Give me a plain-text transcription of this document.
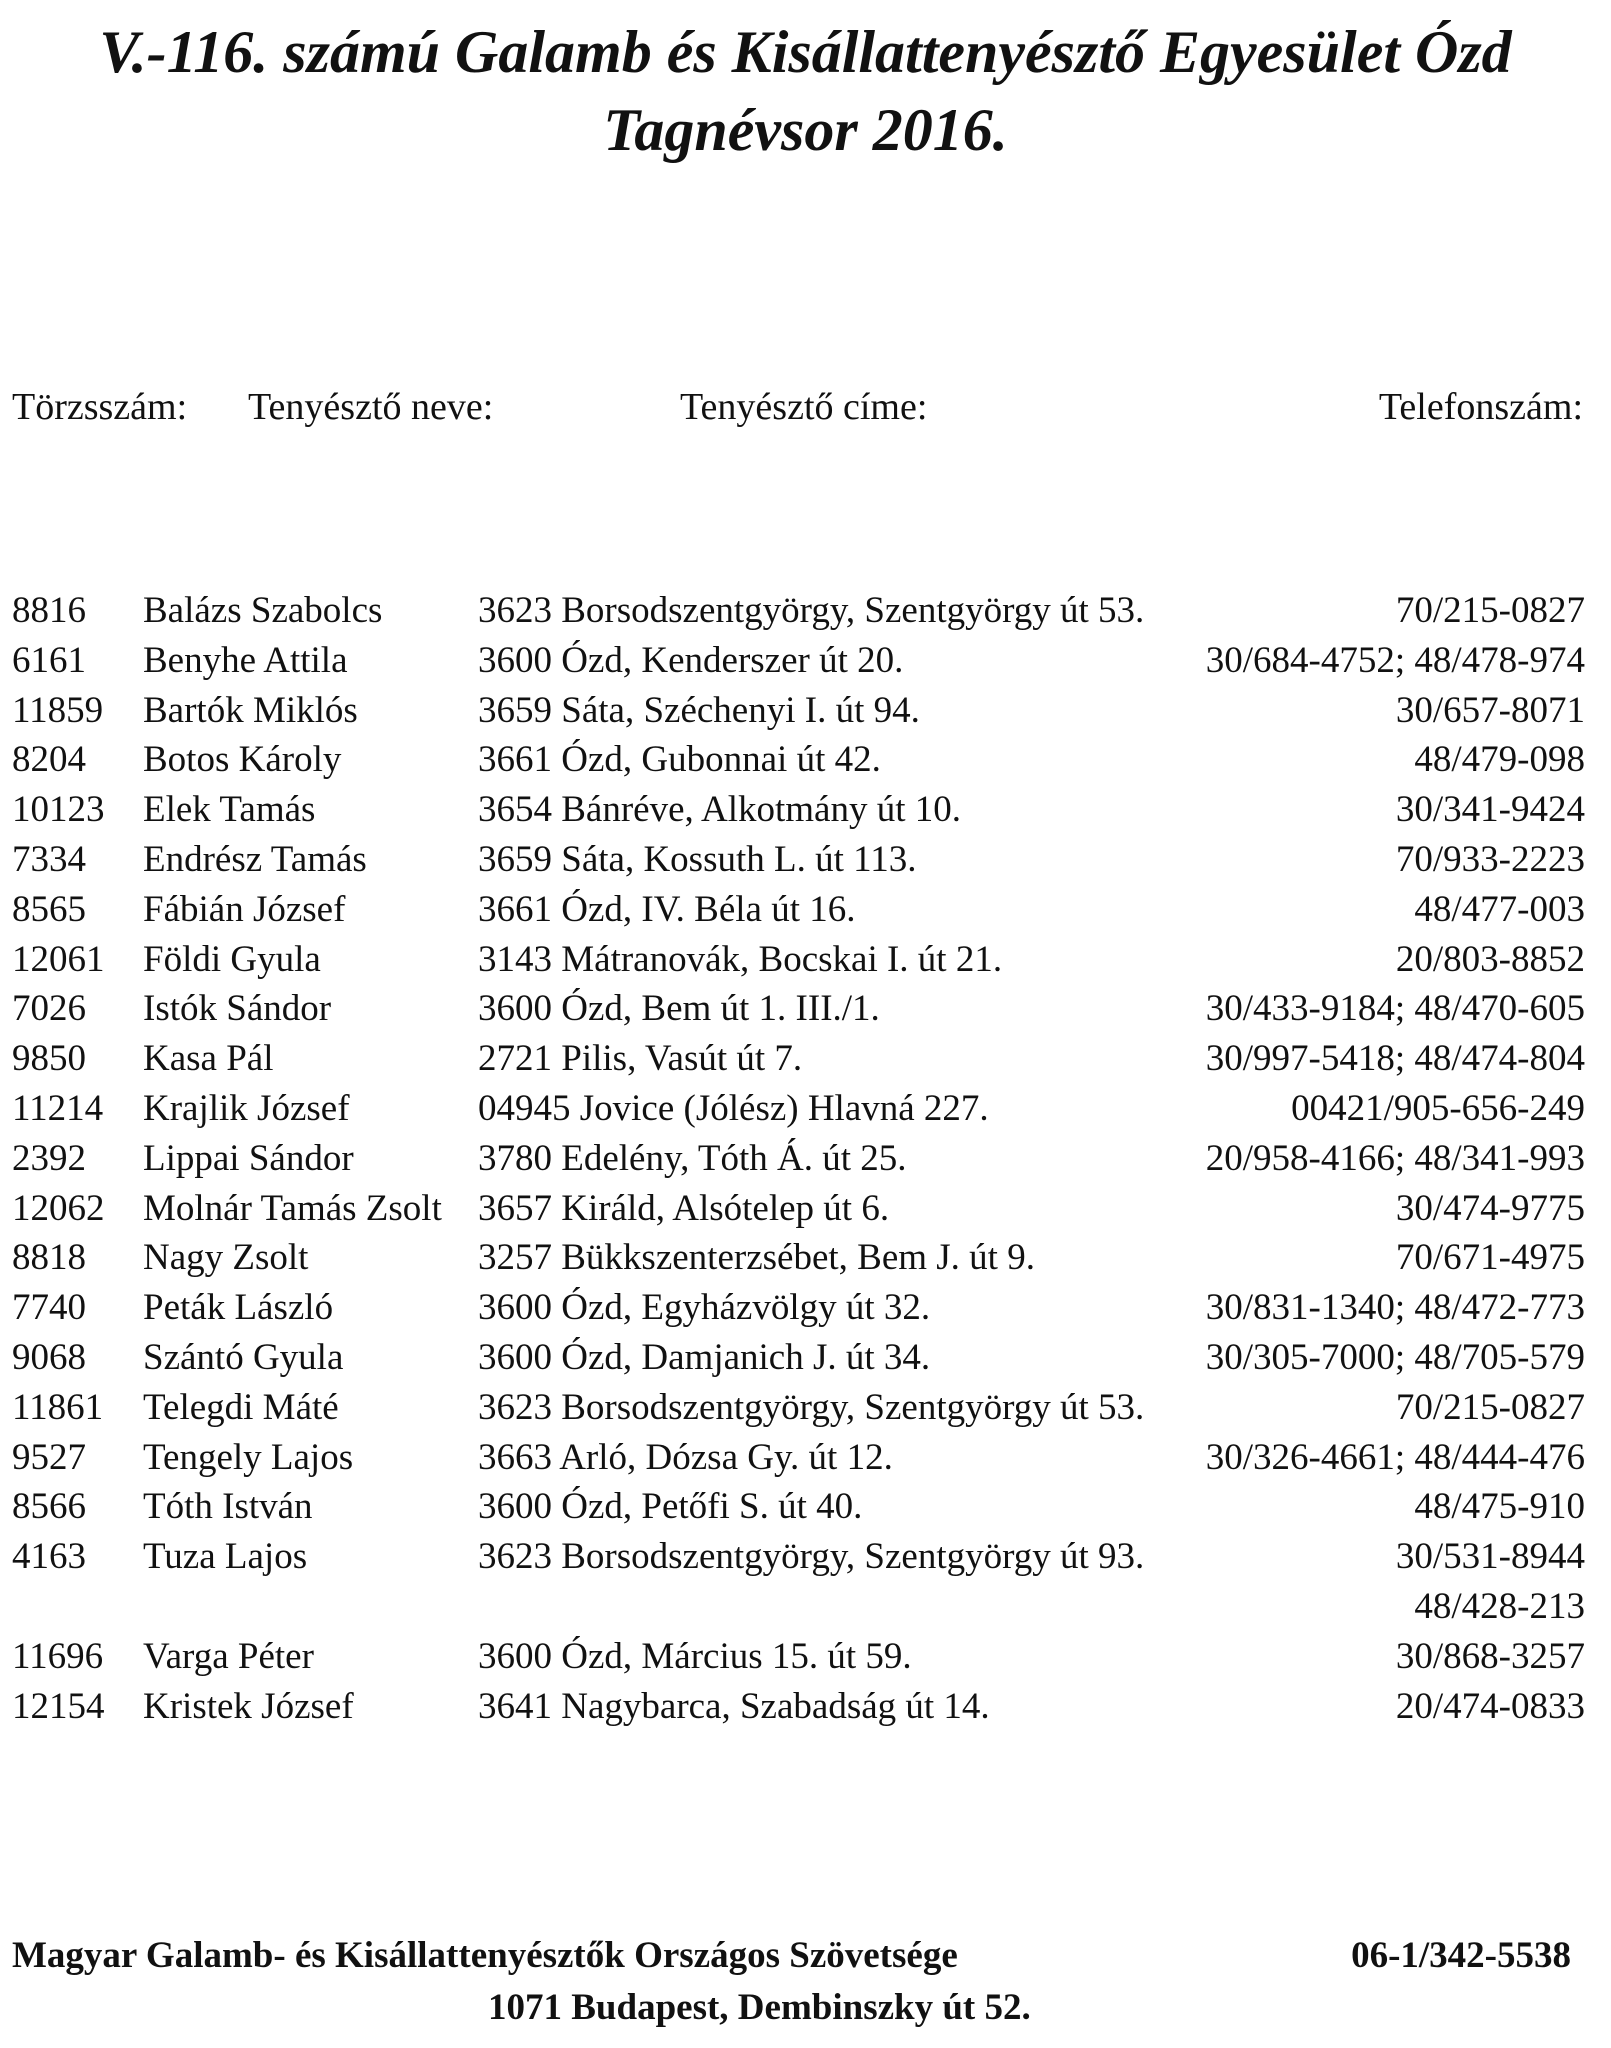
V.-116. számú Galamb és Kisállattenyésztő Egyesület Ózd
Tagnévsor 2016.
Törzsszám: Tenyésztő neve:	Tenyésztő címe:	Telefonszám:
8816 Balázs Szabolcs	3623 Borsodszentgyörgy, Szentgyörgy út 53.	70/215-0827
6161 Benyhe Attila	3600 Ózd, Kenderszer út 20.	30/684-4752; 48/478-974
11859 Bartók Miklós	3659 Sáta, Széchenyi I. út 94.	30/657-8071
8204 Botos Károly	3661 Ózd, Gubonnai út 42.	48/479-098
10123 Elek Tamás	3654 Bánréve, Alkotmány út 10.	30/341-9424
7334 Endrész Tamás	3659 Sáta, Kossuth L. út 113.	70/933-2223
8565 Fábián József	3661 Ózd, IV. Béla út 16.	48/477-003
12061 Földi Gyula	3143 Mátranovák, Bocskai I. út 21.	20/803-8852
7026 Istók Sándor	3600 Ózd, Bem út 1. III./1.	30/433-9184; 48/470-605
9850 Kasa Pál	2721 Pilis, Vasút út 7.	30/997-5418; 48/474-804
11214 Krajlik József	04945 Jovice (Jólész) Hlavná 227.	00421/905-656-249
2392 Lippai Sándor	3780 Edelény, Tóth Á. út 25.	20/958-4166; 48/341-993
12062 Molnár Tamás Zsolt 3657 Királd, Alsótelep út 6.	30/474-9775
8818 Nagy Zsolt	3257 Bükkszenterzsébet, Bem J. út 9.	70/671-4975
7740 Peták László	3600 Ózd, Egyházvölgy út 32.	30/831-1340; 48/472-773
9068 Szántó Gyula	3600 Ózd, Damjanich J. út 34.	30/305-7000; 48/705-579
11861 Telegdi Máté	3623 Borsodszentgyörgy, Szentgyörgy út 53.	70/215-0827
9527 Tengely Lajos	3663 Arló, Dózsa Gy. út 12.	30/326-4661; 48/444-476
8566 Tóth István	3600 Ózd, Petőfi S. út 40.	48/475-910
4163 Tuza Lajos	3623 Borsodszentgyörgy, Szentgyörgy út 93.	30/531-8944
48/428-213
11696 Varga Péter	3600 Ózd, Március 15. út 59.	30/868-3257
12154 Kristek József	3641 Nagybarca, Szabadság út 14.	20/474-0833
Magyar Galamb- és Kisállattenyésztők Országos Szövetsége	06-1/342-5538
1071 Budapest, Dembinszky út 52.
